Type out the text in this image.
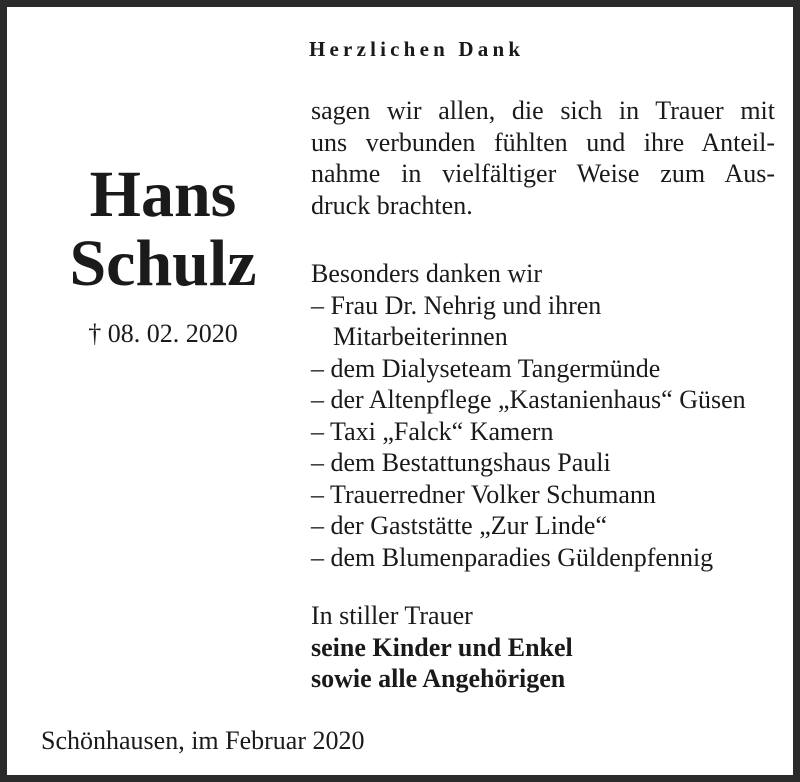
Herzlichen Dank
Hans
Schulz
† 08. 02. 2020
sagen wir allen, die sich in Trauer mit
uns verbunden fühlten und ihre Anteil-
nahme in vielfältiger Weise zum Aus-
druck brachten.
Besonders danken wir
– Frau Dr. Nehrig und ihren
Mitarbeiterinnen
– dem Dialyseteam Tangermünde
– der Altenpflege „Kastanienhaus“ Güsen
– Taxi „Falck“ Kamern
– dem Bestattungshaus Pauli
– Trauerredner Volker Schumann
– der Gaststätte „Zur Linde“
– dem Blumenparadies Güldenpfennig
In stiller Trauer
seine Kinder und Enkel
sowie alle Angehörigen
Schönhausen, im Februar 2020
